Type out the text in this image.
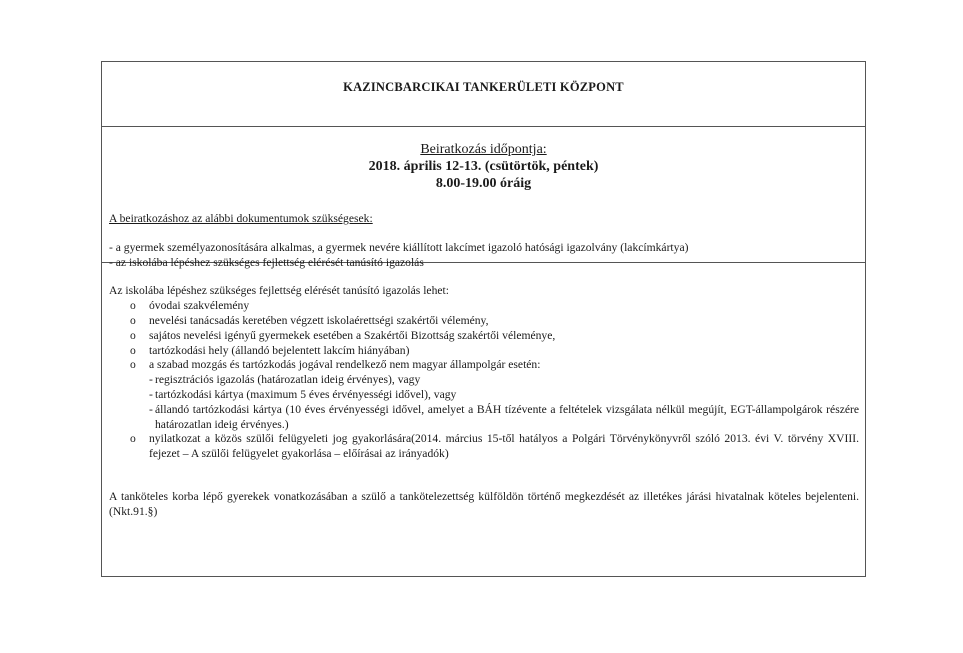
KAZINCBARCIKAI TANKERÜLETI KÖZPONT
Beiratkozás időpontja:
2018. április 12-13. (csütörtök, péntek)
8.00-19.00 óráig
A beiratkozáshoz az alábbi dokumentumok szükségesek:
- a gyermek személyazonosítására alkalmas, a gyermek nevére kiállított lakcímet igazoló hatósági igazolvány (lakcímkártya)
- az iskolába lépéshez szükséges fejlettség elérését tanúsító igazolás
Az iskolába lépéshez szükséges fejlettség elérését tanúsító igazolás lehet:
o óvodai szakvélemény
o nevelési tanácsadás keretében végzett iskolaérettségi szakértői vélemény,
o sajátos nevelési igényű gyermekek esetében a Szakértői Bizottság szakértői véleménye,
o tartózkodási hely (állandó bejelentett lakcím hiányában)
o a szabad mozgás és tartózkodás jogával rendelkező nem magyar állampolgár esetén:
- regisztrációs igazolás (határozatlan ideig érvényes), vagy
- tartózkodási kártya (maximum 5 éves érvényességi idővel), vagy
- állandó tartózkodási kártya (10 éves érvényességi idővel, amelyet a BÁH tízévente a feltételek vizsgálata nélkül megújít, EGT-állampolgárok részére határozatlan ideig érvényes.)
o nyilatkozat a közös szülői felügyeleti jog gyakorlására(2014. március 15-től hatályos a Polgári Törvénykönyvről szóló 2013. évi V. törvény XVIII. fejezet – A szülői felügyelet gyakorlása – előírásai az irányadók)
A tanköteles korba lépő gyerekek vonatkozásában a szülő a tankötelezettség külföldön történő megkezdését az illetékes járási hivatalnak köteles bejelenteni. (Nkt.91.§)
